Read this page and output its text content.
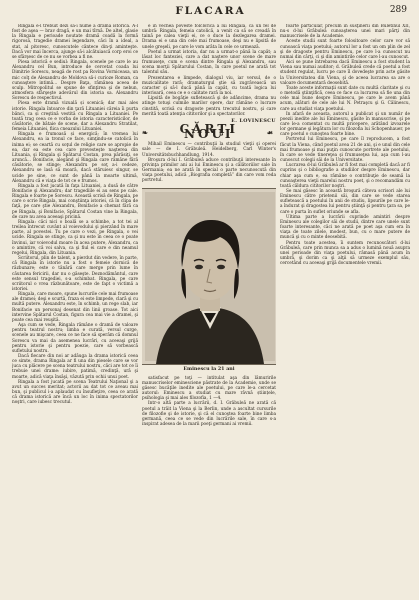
FLACARA	289

Ringala e-l trebuit dezi să-i nume a dramă istorică. A-l fost de aşea — brav dragă, e un mai tîrnă. De altel, glasie la Ringala e perioade noutate dramă coadă la formă rigorosă, tragedie dramei legendare, căci în a ideal, a stat, al pitoresc, cunoscutele cântece din-ţi aminteşte. Dacă vor mai încerca, ajunge să-i alcătuiască corp eroi ce se sfârşesc de ce nu se vorbea a fi ne.

Piesa istorică e sediul: Ringala, scenele pe care le au Alexandru cel Bun, introduce de cercetat coada lui Dimitrie Sorescu, neagă de rost pa Rovina Vorniceasa, un mic colţ de Alexandru de Moldova să-i curioze Roman, ca cunoaştere intimă... Despre Baţa, rămânea aceea de sculp. Mitropolitul se spune de sfinţirea şi de nebun, atmosfera sfârşeşte adevărul din istoria sa. Alexandru Sorescu de respectivul.

Piesa este dramă vizuală și scenică; dar mai ales istorie. Ringala întoarce din ţară Lituaniei căreia îi purta bănci, ca și creştină vestită cu Ringala a Lituaniei. Pe toată trag ceea ce e vorba de istoria caracteristicilor, de căsătorie, de bătaie de scene, dar a Alexandru Stratilat, femeia Lituaniei, fiica cneazului Lituaniei.

Ringala e frumoasă și energică; în vremea lui Alexandru, ea ia tronul ce face, simţindu-se catolică în inima ei; se ceartă cu soţul de religie care se apropie de ea, dar ea este cea care prevesteşte naşterea din Lituania, şi Ringala şi Spătarul Costan, prea părăsiţi, se aruncă... Bonifacie, alegând şi Ringala care rămâne fără căsătorie, se stinge; Alexandru pe soţ a-i cedeze, Alexandru se lasă să moară, dacă stăruiesc singur, se ucide pe sine, ce sunt de până la moarte ultimă, Alexandru că e viaţa de tot ce e frumos.

Ringala a fost jucată în faţa Lituaniei, a dusă de către Bonifacie şi Alexandru; dar tragediile ei au sens pe cale. Ringala e foarte pe Sorescu. Această scrisă de Ringala, pe care o scrie Ringala, mai conştiinţa istoriei, că în clipa de faţă, pe care ştie Alexandru, Bonifacie a chemat fără ca pe Ringala, şi Bonifacie, Spătarul Costan vine la Ringala, de care nu avea aceeaşi pricină.

Ringala: căci nici o boală se a schimbe, a tot tei al treilea întrecut cuvânt al voievodului şi pierzând în mare parte, al povestei. Tu pe care o vezi, pe Ringala, o vei ucide. Ringala se stinge, ca şi nu este în ceea ce o poate învinui, iar voievodul moare în acea putere, Alexandru, ca o amintire, că voi salva, ca şi fiul ei care e din neamul regelui, Ringala, din Lituania.

Scriitorul, plin de talent, a pierdut din vedere, în parte, că Ringala în istorie nu a fost o femeie dornică de răzbunare; este o tânără care merge prin lume în căutarea fericirii, dar nu o găseşte. Deznodământul, care este sensul tragediei, s-a schimbat. Ringala, pe care scriitorul o vrea răzbunătoare, este de fapt o victimă a istoriei.

Ringala, care moare, spune lucrurile cele mai frumoase ale dramei; deşi e scurtă, fraza ei este limpede, clară şi cu multă putere. Alexandru este, în schimb, un rege slab, iar Bonifacie un personaj desenat din linii groase. Tot aici intervine Spătarul Costan, figura cea mai vie a dramei, şi poate cea mai reuşită.

Aşa cum se vede, Ringala rămâne o dramă de valoare pentru teatrul nostru; limba e curată, versul curge, scenele au mişcare, ceea ce ne face să sperăm că domnul Sorescu va mai da asemenea lucrări, cu aceeaşi grijă pentru istorie şi pentru poezie, care să vorbească sufletului nostru.

Dacă fiecare din noi ar adăuga la drama istorică ceea ce simte, drama Ringala ar fi una din piesele care se vor juca cu plăcere pe scena teatrului nostru, căci are tot ce îi trebuie unei drame: iubire, patimă, credinţă, ură şi moarte, adică viaţa însăşi, văzută prin ochii unui poet.

Ringala a fost jucată pe scena Teatrului Naţional şi a avut un succes meritat; actorii au dat tot ce aveau mai bun, şi publicul i-a aplaudat cu însufleţire, ceea ce arată că drama istorică are încă un loc în inima spectatorilor noştri, care iubesc trecutul.

e în vechea poveste folclorică a lui Ringala, ca un fel de umbră: Ringala, femeia catolică, a venit ca să se creadă în taină pe calea vieţii ei, ce o duce la dezlegarea dramei. Drama ei e una din cele mai frumoase, deşi nu e lipsită de unele greşeli, pe care le vom arăta în cele ce urmează.

Poetul a urmat istoria, dar nu a urmat-o până la capăt; a lăsat loc fanteziei, care a dat naştere unor scene de mare frumuseţe, cum e scena dintre Ringala şi Alexandru, sau scena morţii Spătarului Costan, în care poetul ne arată tot talentul său.

Prezentarea e limpede, dialogul viu, iar versul, de o muzicalitate rară; dramaturgul ştie să zugrăvească un caracter şi să-l ducă până la capăt, cu toată logica lui interioară, ceea ce e o calitate rară la noi.

Lipsită de bogăţie sufletească şi de adâncime, drama nu atinge totuşi culmile marilor opere, dar rămâne o lucrare cinstită, scrisă cu dragoste pentru trecutul nostru, şi care merită toată atenţia cititorilor şi a spectatorilor.

E. LOVINESCU
❧	CĂRŢI NOUI	☙

Mihail Eminescu — contribuţii la studiul vieţii şi operei sale — de I. Grăbuleă. Heidelberg, Carl Winter's Universitätsbuchhandlung, 1914.

Broşura d-lui I. Grăbuleă aduce contribuţii interesante în privinţa primilor ani ai lui Eminescu şi a călătoriilor sale în Germania; ea ne arată în special o parte necunoscută din viaţa poetului, adică „Biografia completă” din care vom reda portretul.

Eminescu la 21 ani

satisfacut pe toţi — intitulat aşa din lămuririle manuscriselor eminesciene păstrate de la Academie, unde se găsesc bucăţile inedite ale poetului, pe care le-a cercetat autorul: Eminescu a studiat cu mare râvnă științele, psihologia şi mai ales filozofia, 1 —4.

Intr-o altă parte a lucrării, d. I. Grăbuleă ne arată că poetul a trăit la Viena şi la Berlin, unde a ascultat cursurile de filozofie şi de istorie, şi că el cunoştea foarte bine limba germană, ceea ce se vede din lucrările sale, în care s-a inspirat adesea de la marii poeţi germani ai vremii.

foarte particular, precum în susţinerii din Buletinul XII, nu-s d-lui Grăbuleă cunoaşterea unei mari părţi din manuscrisele de la Academie.

Aceste studii sunt foarte folositoare celor care vor să cunoască viaţa poetului; autorul lor a fost un om plin de zel şi de dragoste pentru Eminescu, pe care l-a cunoscut nu numai din cărţi, ci şi din amintirile celor care l-au cunoscut.

Aici se pune întrebarea dacă Eminescu a fost student la Viena sau numai auditor; d. Grăbuleă crede că poetul a fost student regulat, lucru pe care îl dovedeşte prin acte găsite la Universitatea din Viena, şi de aceea lucrarea sa are o valoare documentară deosebită.

Toate aceste informaţii sunt date cu multă claritate şi cu o metodă ştiinţifică, ceea ce face ca lucrarea să fie una din cele mai bune despre Eminescu, pe care le avem până acum, alături de cele ale lui N. Petraşcu şi G. Călinescu, care au studiat viaţa poetului.

In afară de aceasta, autorul a publicat şi un număr de poezii inedite ale lui Eminescu, găsite în manuscrise, şi pe care le-a comentat cu multă pricepere, arătând izvoarele lor germane şi legătura lor cu filozofia lui Schopenhauer, pe care poetul o cunoştea foarte bine.

Portretul lui Eminescu, pe care îl reproducem, a fost făcut la Viena, când poetul avea 21 de ani, şi e unul din cele mai frumoase şi mai puţin cunoscute portrete ale poetului, în care se vede tinereţea şi frumuseţea lui, aşa cum l-au cunoscut colegii săi de la Universitate.

Lucrarea d-lui Grăbuleă ar fi fost mai completă dacă ar fi cuprins şi o bibliografie a studiilor despre Eminescu, dar chiar aşa cum e, ea rămâne o contribuţie de seamă la cunoaşterea vieţii marelui nostru poet, şi o recomandăm cu toată căldura cititorilor noştri.

Se mai găsesc în această broşură câteva scrisori ale lui Eminescu către prietenii săi, din care se vede starea sufletească a poetului în anii de studiu, lipsurile pe care le-a îndurat şi dragostea lui pentru ştiinţă şi pentru ţara sa, pe care o purta în suflet oriunde se afla.

Ultima parte a lucrării cuprinde amintiri despre Eminescu ale colegilor săi de studii, dintre care unele sunt foarte interesante, căci ne arată pe poet aşa cum era în viaţa de toate zilele, modest, bun, cu o mare putere de muncă şi cu o minte deosebită.

Pentru toate acestea, îi suntem recunoscători d-lui Grăbuleă, care prin munca sa a adus o lumină nouă asupra unei perioade din viaţa poetului, rămasă până acum în umbră, şi dorim ca şi alţii să urmeze exemplul său, cercetând cu aceeaşi grijă documentele vremii.
